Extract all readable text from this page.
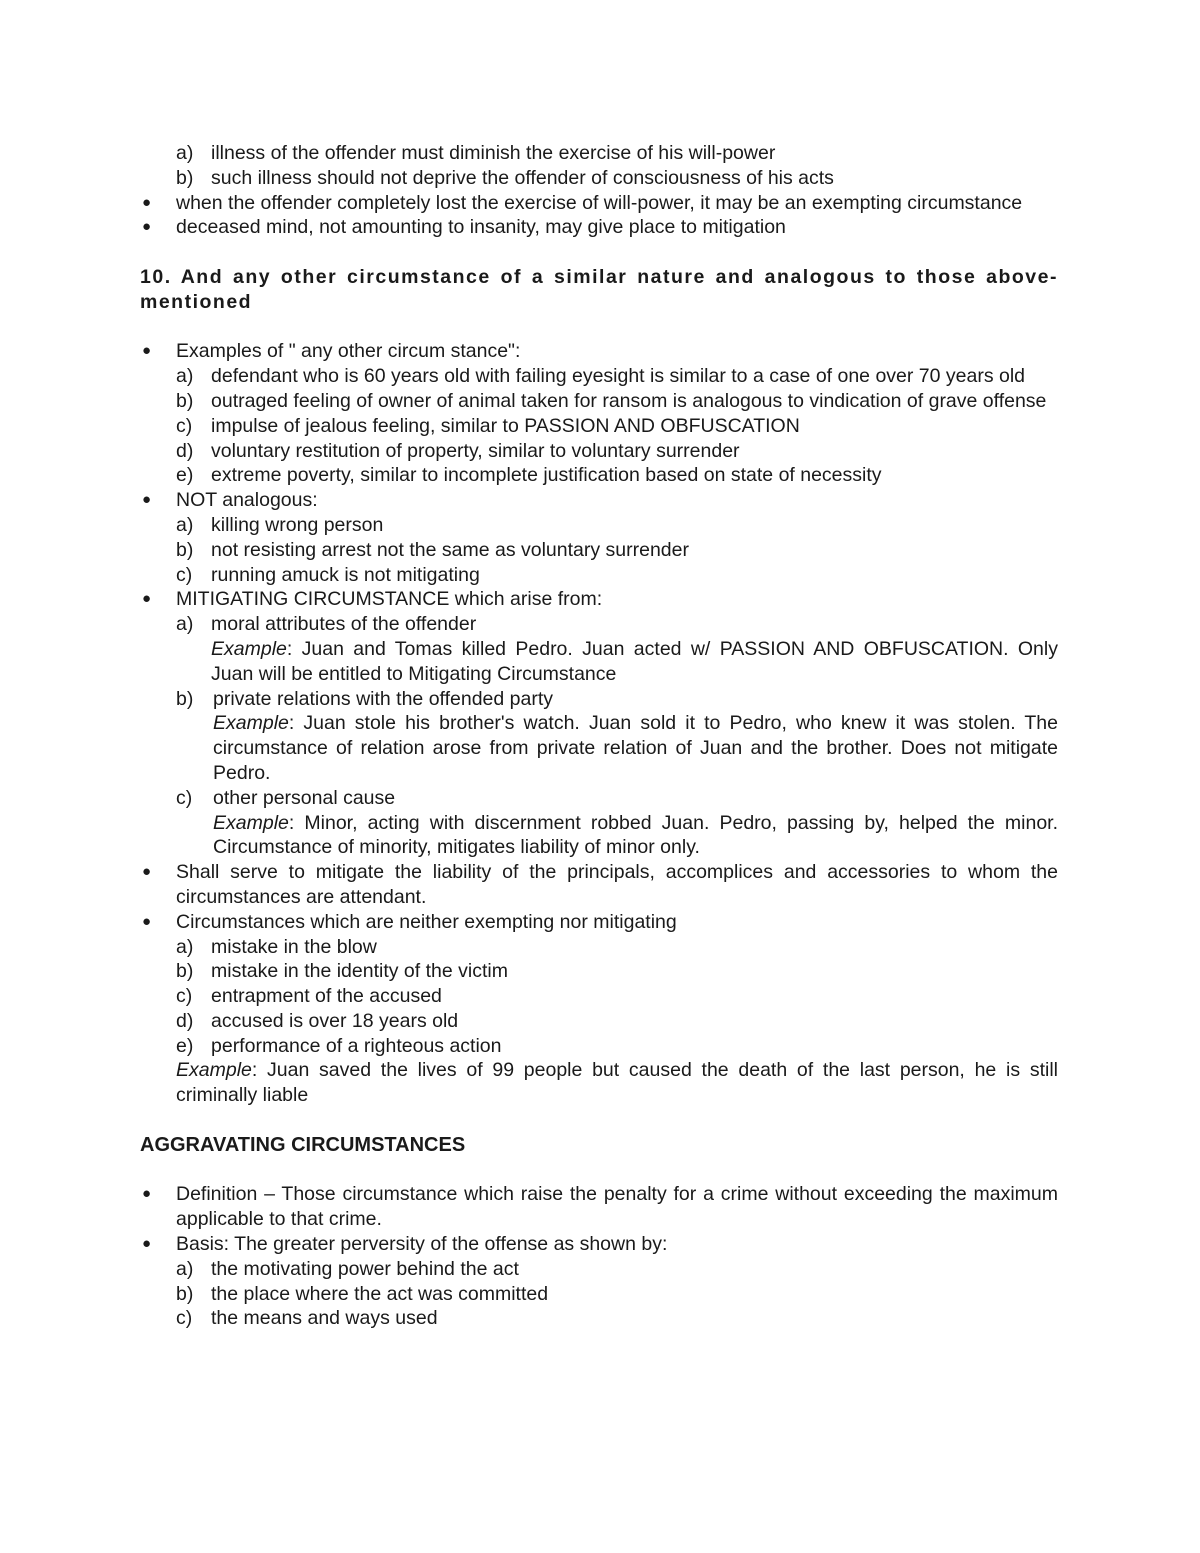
a) illness of the offender must diminish the exercise of his will-power
b) such illness should not deprive the offender of consciousness of his acts
● when the offender completely lost the exercise of will-power, it may be an exempting circumstance
● deceased mind, not amounting to insanity, may give place to mitigation
10. And any other circumstance of a similar nature and analogous to those above-mentioned
● Examples of " any other circum stance":
a) defendant who is 60 years old with failing eyesight is similar to a case of one over 70 years old
b) outraged feeling of owner of animal taken for ransom is analogous to vindication of grave offense
c) impulse of jealous feeling, similar to PASSION AND OBFUSCATION
d) voluntary restitution of property, similar to voluntary surrender
e) extreme poverty, similar to incomplete justification based on state of necessity
● NOT analogous:
a) killing wrong person
b) not resisting arrest not the same as voluntary surrender
c) running amuck is not mitigating
● MITIGATING CIRCUMSTANCE which arise from:
a) moral attributes of the offender
Example: Juan and Tomas killed Pedro. Juan acted w/ PASSION AND OBFUSCATION. Only Juan will be entitled to Mitigating Circumstance
b) private relations with the offended party
Example: Juan stole his brother's watch. Juan sold it to Pedro, who knew it was stolen. The circumstance of relation arose from private relation of Juan and the brother. Does not mitigate Pedro.
c) other personal cause
Example: Minor, acting with discernment robbed Juan. Pedro, passing by, helped the minor. Circumstance of minority, mitigates liability of minor only.
● Shall serve to mitigate the liability of the principals, accomplices and accessories to whom the circumstances are attendant.
● Circumstances which are neither exempting nor mitigating
a) mistake in the blow
b) mistake in the identity of the victim
c) entrapment of the accused
d) accused is over 18 years old
e) performance of a righteous action
Example: Juan saved the lives of 99 people but caused the death of the last person, he is still criminally liable
AGGRAVATING CIRCUMSTANCES
● Definition – Those circumstance which raise the penalty for a crime without exceeding the maximum applicable to that crime.
● Basis: The greater perversity of the offense as shown by:
a) the motivating power behind the act
b) the place where the act was committed
c) the means and ways used
